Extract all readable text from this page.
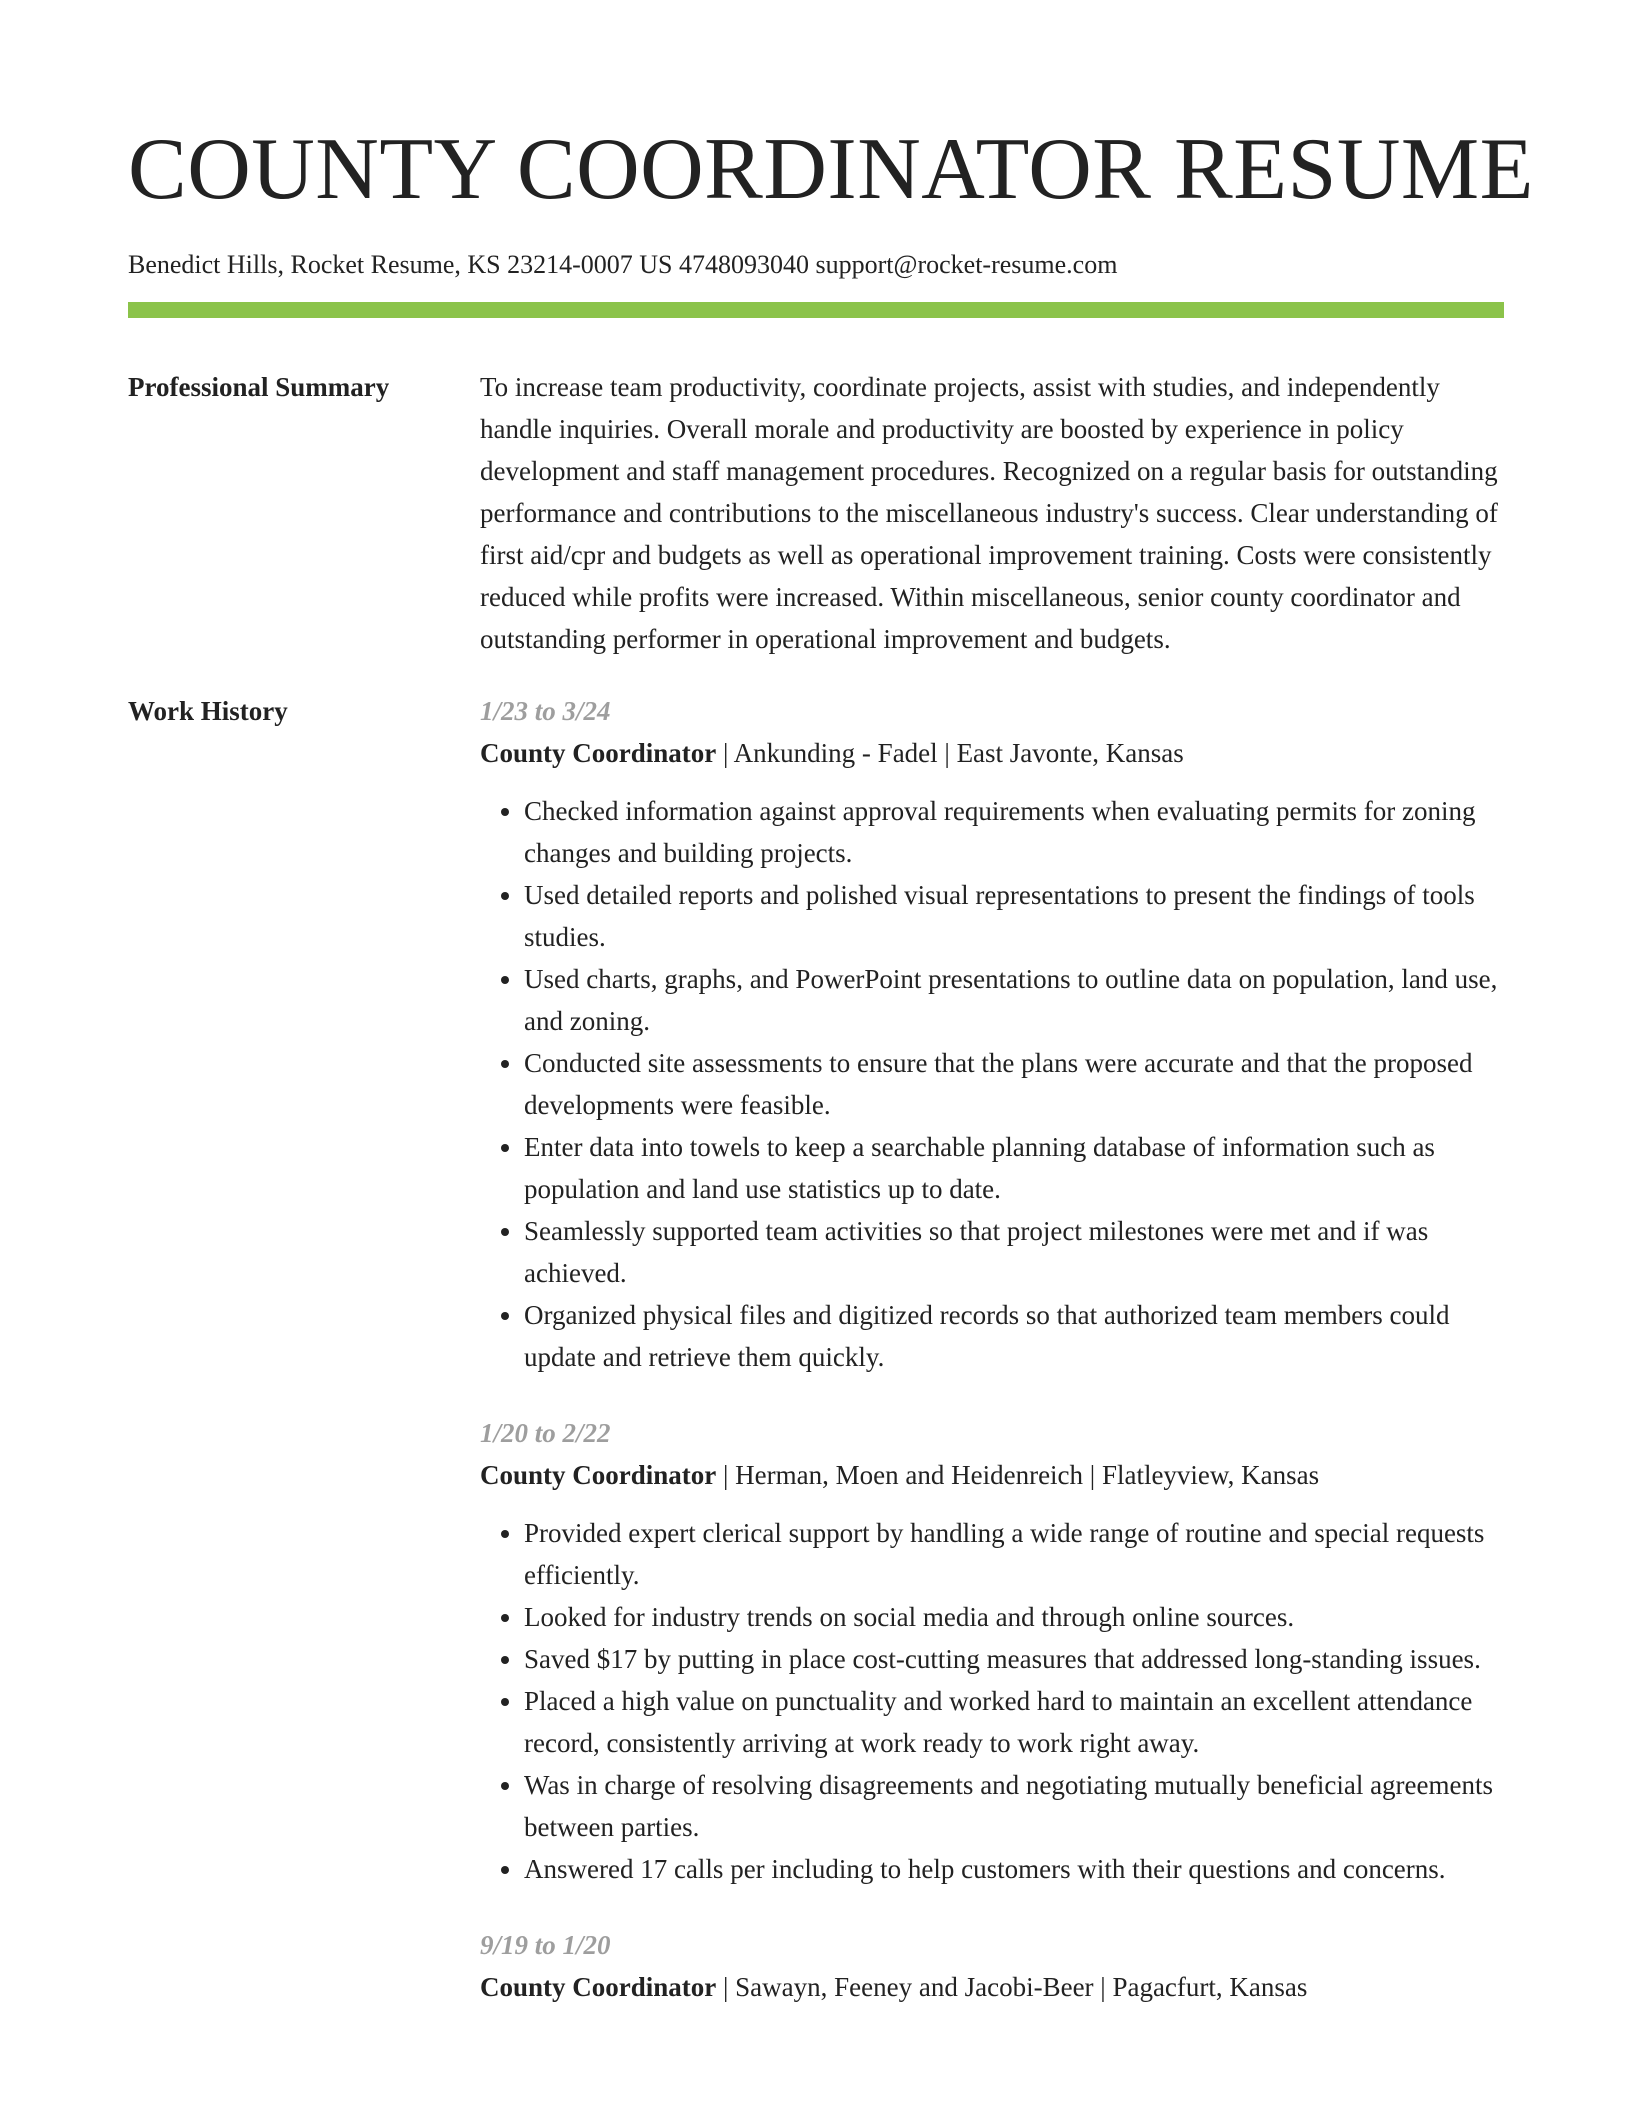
COUNTY COORDINATOR RESUME
Benedict Hills, Rocket Resume, KS 23214-0007 US 4748093040 support@rocket-resume.com
Professional Summary	To increase team productivity, coordinate projects, assist with studies, and independently handle inquiries. Overall morale and productivity are boosted by experience in policy development and staff management procedures. Recognized on a regular basis for outstanding performance and contributions to the miscellaneous industry's success. Clear understanding of first aid/cpr and budgets as well as operational improvement training. Costs were consistently reduced while profits were increased. Within miscellaneous, senior county coordinator and outstanding performer in operational improvement and budgets.

Work History	1/23 to 3/24
County Coordinator | Ankunding - Fadel | East Javonte, Kansas
• Checked information against approval requirements when evaluating permits for zoning changes and building projects.
• Used detailed reports and polished visual representations to present the findings of tools studies.
• Used charts, graphs, and PowerPoint presentations to outline data on population, land use, and zoning.
• Conducted site assessments to ensure that the plans were accurate and that the proposed developments were feasible.
• Enter data into towels to keep a searchable planning database of information such as population and land use statistics up to date.
• Seamlessly supported team activities so that project milestones were met and if was achieved.
• Organized physical files and digitized records so that authorized team members could update and retrieve them quickly.
1/20 to 2/22
County Coordinator | Herman, Moen and Heidenreich | Flatleyview, Kansas
• Provided expert clerical support by handling a wide range of routine and special requests efficiently.
• Looked for industry trends on social media and through online sources.
• Saved $17 by putting in place cost-cutting measures that addressed long-standing issues.
• Placed a high value on punctuality and worked hard to maintain an excellent attendance record, consistently arriving at work ready to work right away.
• Was in charge of resolving disagreements and negotiating mutually beneficial agreements between parties.
• Answered 17 calls per including to help customers with their questions and concerns.
9/19 to 1/20
County Coordinator | Sawayn, Feeney and Jacobi-Beer | Pagacfurt, Kansas
